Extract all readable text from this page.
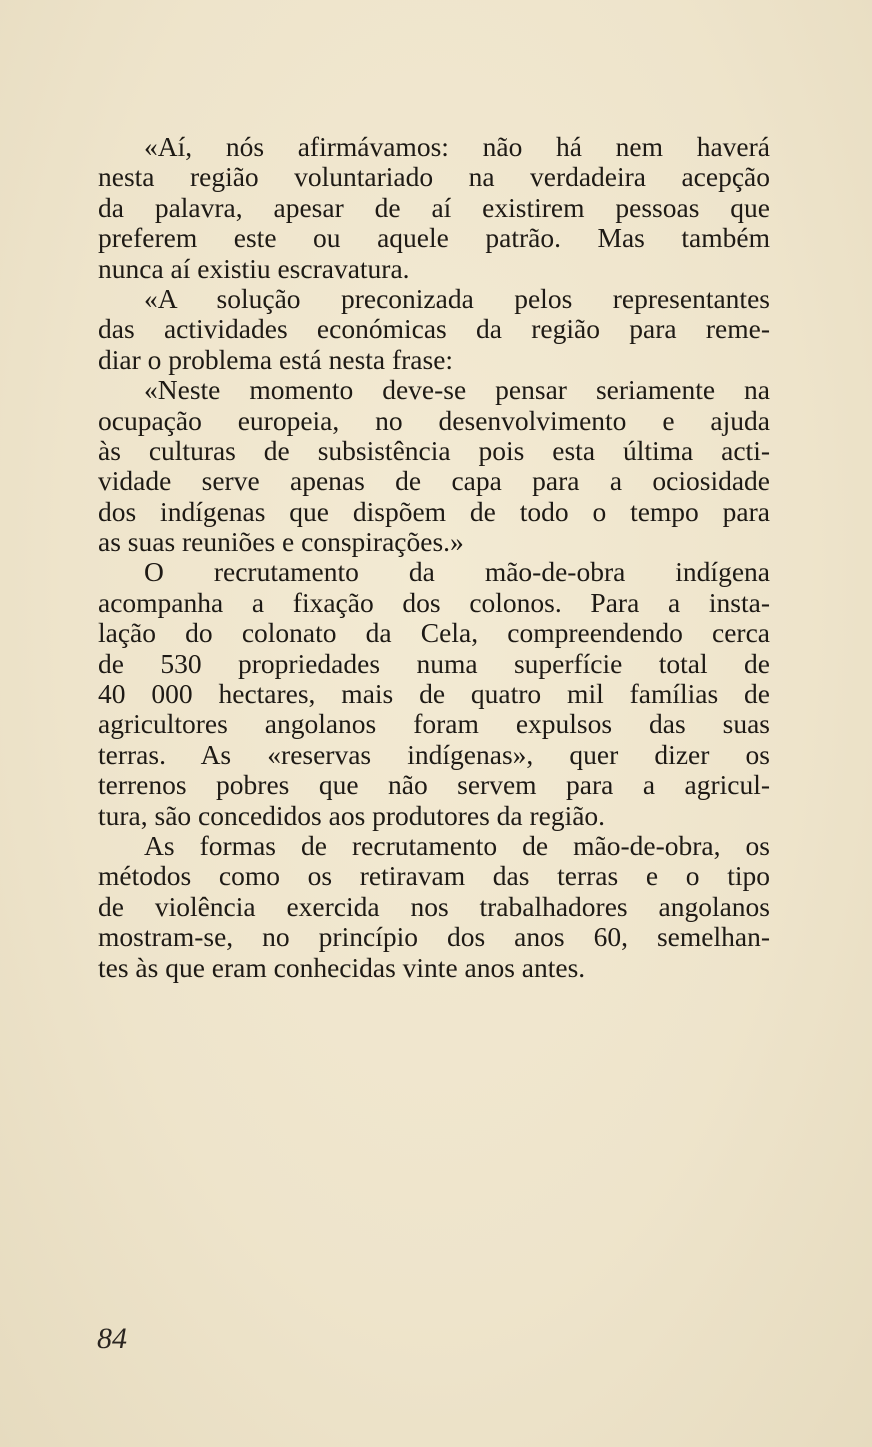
«Aí, nós afirmávamos: não há nem haverá
nesta região voluntariado na verdadeira acepção
da palavra, apesar de aí existirem pessoas que
preferem este ou aquele patrão. Mas também
nunca aí existiu escravatura.
«A solução preconizada pelos representantes
das actividades económicas da região para reme-
diar o problema está nesta frase:
«Neste momento deve-se pensar seriamente na
ocupação europeia, no desenvolvimento e ajuda
às culturas de subsistência pois esta última acti-
vidade serve apenas de capa para a ociosidade
dos indígenas que dispõem de todo o tempo para
as suas reuniões e conspirações.»
O recrutamento da mão-de-obra indígena
acompanha a fixação dos colonos. Para a insta-
lação do colonato da Cela, compreendendo cerca
de 530 propriedades numa superfície total de
40 000 hectares, mais de quatro mil famílias de
agricultores angolanos foram expulsos das suas
terras. As «reservas indígenas», quer dizer os
terrenos pobres que não servem para a agricul-
tura, são concedidos aos produtores da região.
As formas de recrutamento de mão-de-obra, os
métodos como os retiravam das terras e o tipo
de violência exercida nos trabalhadores angolanos
mostram-se, no princípio dos anos 60, semelhan-
tes às que eram conhecidas vinte anos antes.
84
